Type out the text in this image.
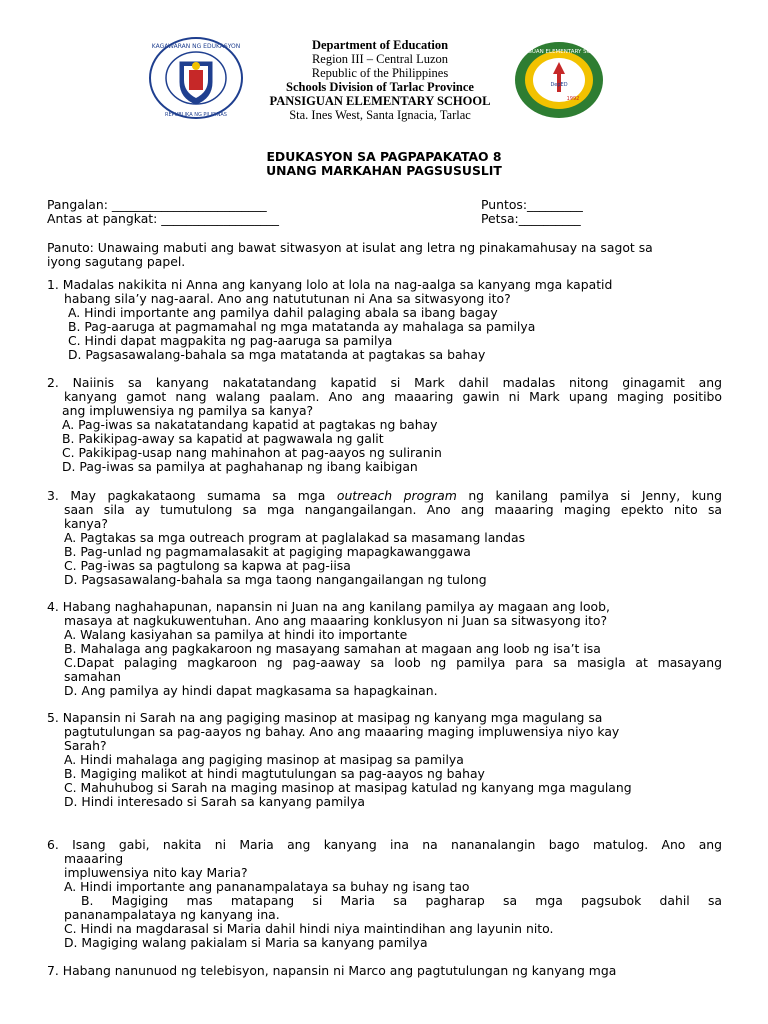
KAGAWARAN NG EDUKASYON
REPUBLIKA NG PILIPINAS
PANSIGUAN ELEMENTARY SCHOOL
DepED
1992
Department of Education
Region III – Central Luzon
Republic of the Philippines
Schools Division of Tarlac Province
PANSIGUAN ELEMENTARY SCHOOL
Sta. Ines West, Santa Ignacia, Tarlac
EDUKASYON SA PAGPAPAKATAO 8
UNANG MARKAHAN PAGSUSUSLIT
Pangalan: _________________________
Antas at pangkat: ___________________
Puntos:_________
Petsa:__________
Panuto: Unawaing mabuti ang bawat sitwasyon at isulat ang letra ng pinakamahusay na sagot sa
iyong sagutang papel.
1. Madalas nakikita ni Anna ang kanyang lolo at lola na nag-aalga sa kanyang mga kapatid
habang sila’y nag-aaral. Ano ang natututunan ni Ana sa sitwasyong ito?
A. Hindi importante ang pamilya dahil palaging abala sa ibang bagay
B. Pag-aaruga at pagmamahal ng mga matatanda ay mahalaga sa pamilya
C. Hindi dapat magpakita ng pag-aaruga sa pamilya
D. Pagsasawalang-bahala sa mga matatanda at pagtakas sa bahay
2. Naiinis sa kanyang nakatatandang kapatid si Mark dahil madalas nitong ginagamit ang
kanyang gamot nang walang paalam. Ano ang maaaring gawin ni Mark upang maging positibo
ang impluwensiya ng pamilya sa kanya?
A. Pag-iwas sa nakatatandang kapatid at pagtakas ng bahay
B. Pakikipag-away sa kapatid at pagwawala ng galit
C. Pakikipag-usap nang mahinahon at pag-aayos ng suliranin
D. Pag-iwas sa pamilya at paghahanap ng ibang kaibigan
3. May pagkakataong sumama sa mga outreach program ng kanilang pamilya si Jenny, kung
saan sila ay tumutulong sa mga nangangailangan. Ano ang maaaring maging epekto nito sa
kanya?
A. Pagtakas sa mga outreach program at paglalakad sa masamang landas
B. Pag-unlad ng pagmamalasakit at pagiging mapagkawanggawa
C. Pag-iwas sa pagtulong sa kapwa at pag-iisa
D. Pagsasawalang-bahala sa mga taong nangangailangan ng tulong
4. Habang naghahapunan, napansin ni Juan na ang kanilang pamilya ay magaan ang loob,
masaya at nagkukuwentuhan. Ano ang maaaring konklusyon ni Juan sa sitwasyong ito?
A. Walang kasiyahan sa pamilya at hindi ito importante
B. Mahalaga ang pagkakaroon ng masayang samahan at magaan ang loob ng isa’t isa
C.Dapat palaging magkaroon ng pag-aaway sa loob ng pamilya para sa masigla at masayang
samahan
D. Ang pamilya ay hindi dapat magkasama sa hapagkainan.
5. Napansin ni Sarah na ang pagiging masinop at masipag ng kanyang mga magulang sa
pagtutulungan sa pag-aayos ng bahay. Ano ang maaaring maging impluwensiya niyo kay
Sarah?
A. Hindi mahalaga ang pagiging masinop at masipag sa pamilya
B. Magiging malikot at hindi magtutulungan sa pag-aayos ng bahay
C. Mahuhubog si Sarah na maging masinop at masipag katulad ng kanyang mga magulang
D. Hindi interesado si Sarah sa kanyang pamilya
6. Isang gabi, nakita ni Maria ang kanyang ina na nananalangin bago matulog. Ano ang
maaaring
impluwensiya nito kay Maria?
A. Hindi importante ang pananampalataya sa buhay ng isang tao
B. Magiging mas matapang si Maria sa pagharap sa mga pagsubok dahil sa
pananampalataya ng kanyang ina.
C. Hindi na magdarasal si Maria dahil hindi niya maintindihan ang layunin nito.
D. Magiging walang pakialam si Maria sa kanyang pamilya
7. Habang nanunuod ng telebisyon, napansin ni Marco ang pagtutulungan ng kanyang mga
